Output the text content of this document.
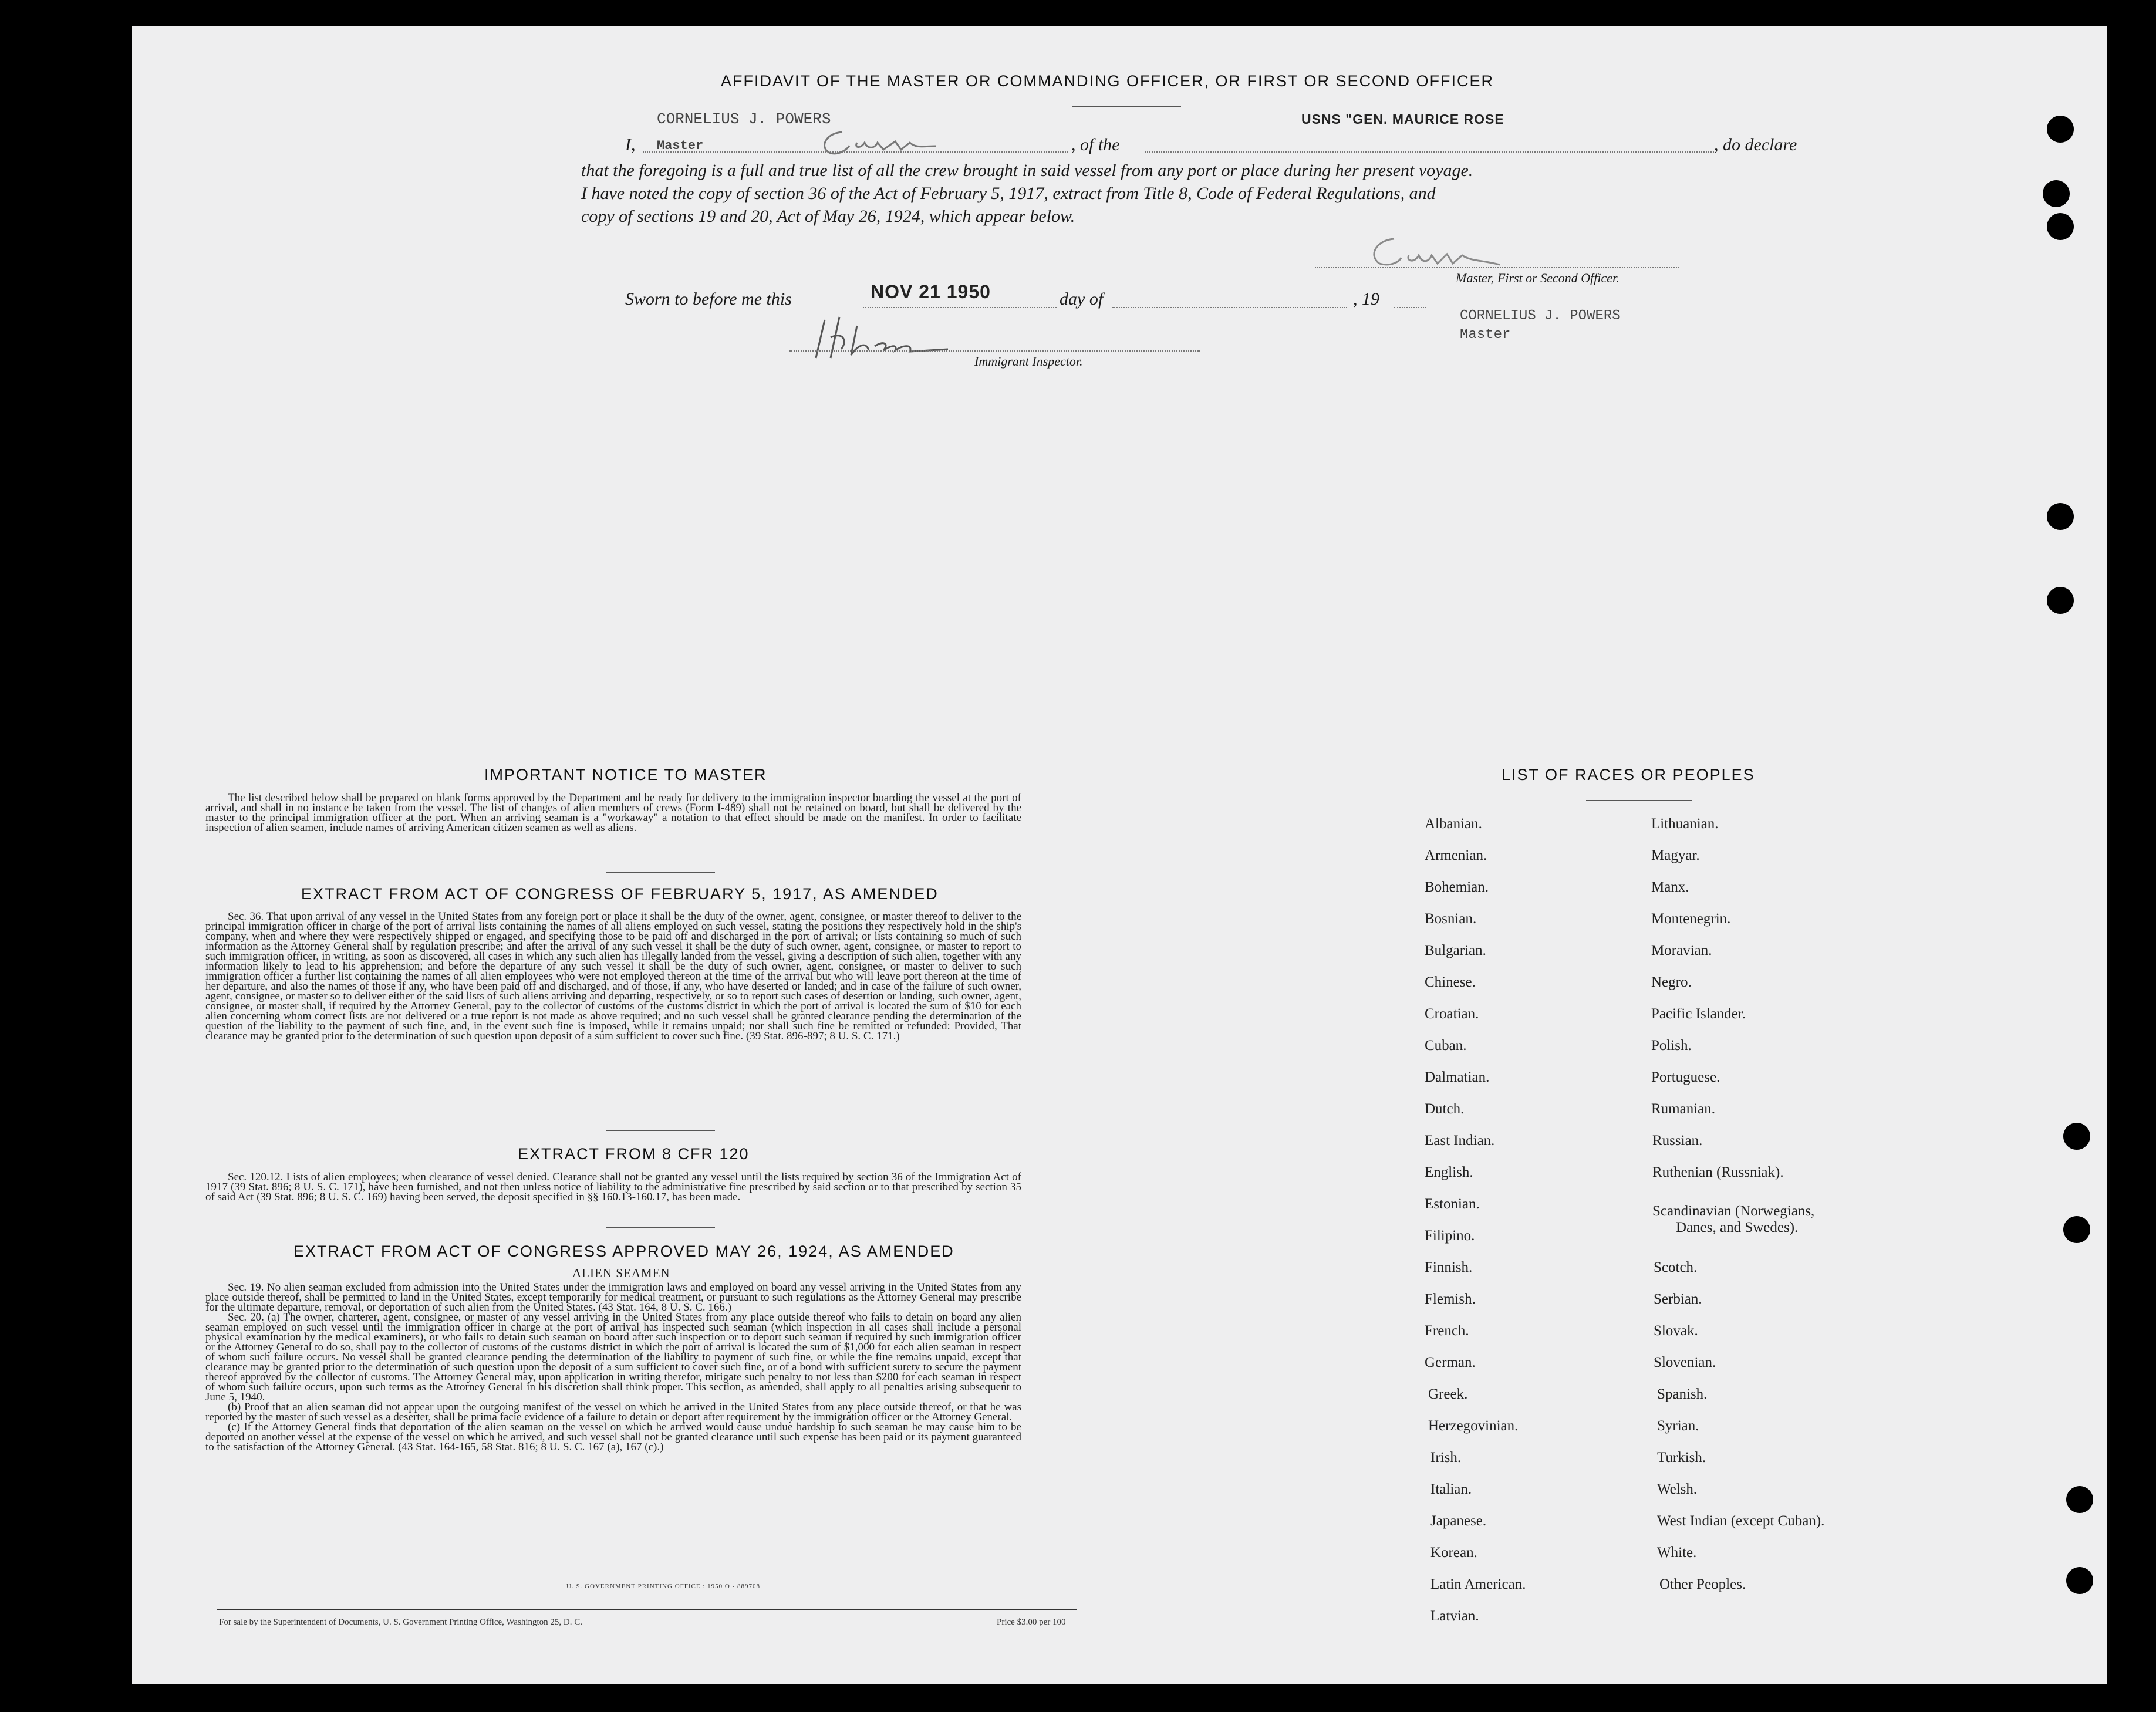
AFFIDAVIT OF THE MASTER OR COMMANDING OFFICER, OR FIRST OR SECOND OFFICER
CORNELIUS J. POWERS	USNS "GEN. MAURICE ROSE
Master
I,	, of the	, do declare
that the foregoing is a full and true list of all the crew brought in said vessel from any port or place during her present voyage.
I have noted the copy of section 36 of the Act of February 5, 1917, extract from Title 8, Code of Federal Regulations, and
copy of sections 19 and 20, Act of May 26, 1924, which appear below.
Master, First or Second Officer.
Sworn to before me this	NOV 21 1950	day of	, 19
CORNELIUS J. POWERS
Master
Immigrant Inspector.
IMPORTANT NOTICE TO MASTER
The list described below shall be prepared on blank forms approved by the Department and be ready for delivery to the immigration inspector boarding the vessel at the port of arrival, and shall in no instance be taken from the vessel. The list of changes of alien members of crews (Form I-489) shall not be retained on board, but shall be delivered by the master to the principal immigration officer at the port. When an arriving seaman is a "workaway" a notation to that effect should be made on the manifest. In order to facilitate inspection of alien seamen, include names of arriving American citizen seamen as well as aliens.
EXTRACT FROM ACT OF CONGRESS OF FEBRUARY 5, 1917, AS AMENDED
Sec. 36. That upon arrival of any vessel in the United States from any foreign port or place it shall be the duty of the owner, agent, consignee, or master thereof to deliver to the principal immigration officer in charge of the port of arrival lists containing the names of all aliens employed on such vessel, stating the positions they respectively hold in the ship's company, when and where they were respectively shipped or engaged, and specifying those to be paid off and discharged in the port of arrival; or lists containing so much of such information as the Attorney General shall by regulation prescribe; and after the arrival of any such vessel it shall be the duty of such owner, agent, consignee, or master to report to such immigration officer, in writing, as soon as discovered, all cases in which any such alien has illegally landed from the vessel, giving a description of such alien, together with any information likely to lead to his apprehension; and before the departure of any such vessel it shall be the duty of such owner, agent, consignee, or master to deliver to such immigration officer a further list containing the names of all alien employees who were not employed thereon at the time of the arrival but who will leave port thereon at the time of her departure, and also the names of those if any, who have been paid off and discharged, and of those, if any, who have deserted or landed; and in case of the failure of such owner, agent, consignee, or master so to deliver either of the said lists of such aliens arriving and departing, respectively, or so to report such cases of desertion or landing, such owner, agent, consignee, or master shall, if required by the Attorney General, pay to the collector of customs of the customs district in which the port of arrival is located the sum of $10 for each alien concerning whom correct lists are not delivered or a true report is not made as above required; and no such vessel shall be granted clearance pending the determination of the question of the liability to the payment of such fine, and, in the event such fine is imposed, while it remains unpaid; nor shall such fine be remitted or refunded: Provided, That clearance may be granted prior to the determination of such question upon deposit of a sum sufficient to cover such fine. (39 Stat. 896-897; 8 U. S. C. 171.)
EXTRACT FROM 8 CFR 120
Sec. 120.12. Lists of alien employees; when clearance of vessel denied. Clearance shall not be granted any vessel until the lists required by section 36 of the Immigration Act of 1917 (39 Stat. 896; 8 U. S. C. 171), have been furnished, and not then unless notice of liability to the administrative fine prescribed by said section or to that prescribed by section 35 of said Act (39 Stat. 896; 8 U. S. C. 169) having been served, the deposit specified in §§ 160.13-160.17, has been made.
EXTRACT FROM ACT OF CONGRESS APPROVED MAY 26, 1924, AS AMENDED
ALIEN SEAMEN

Sec. 19. No alien seaman excluded from admission into the United States under the immigration laws and employed on board any vessel arriving in the United States from any place outside thereof, shall be permitted to land in the United States, except temporarily for medical treatment, or pursuant to such regulations as the Attorney General may prescribe for the ultimate departure, removal, or deportation of such alien from the United States. (43 Stat. 164, 8 U. S. C. 166.)

Sec. 20. (a) The owner, charterer, agent, consignee, or master of any vessel arriving in the United States from any place outside thereof who fails to detain on board any alien seaman employed on such vessel until the immigration officer in charge at the port of arrival has inspected such seaman (which inspection in all cases shall include a personal physical examination by the medical examiners), or who fails to detain such seaman on board after such inspection or to deport such seaman if required by such immigration officer or the Attorney General to do so, shall pay to the collector of customs of the customs district in which the port of arrival is located the sum of $1,000 for each alien seaman in respect of whom such failure occurs. No vessel shall be granted clearance pending the determination of the liability to payment of such fine, or while the fine remains unpaid, except that clearance may be granted prior to the determination of such question upon the deposit of a sum sufficient to cover such fine, or of a bond with sufficient surety to secure the payment thereof approved by the collector of customs. The Attorney General may, upon application in writing therefor, mitigate such penalty to not less than $200 for each seaman in respect of whom such failure occurs, upon such terms as the Attorney General in his discretion shall think proper. This section, as amended, shall apply to all penalties arising subsequent to June 5, 1940.

(b) Proof that an alien seaman did not appear upon the outgoing manifest of the vessel on which he arrived in the United States from any place outside thereof, or that he was reported by the master of such vessel as a deserter, shall be prima facie evidence of a failure to detain or deport after requirement by the immigration officer or the Attorney General.

(c) If the Attorney General finds that deportation of the alien seaman on the vessel on which he arrived would cause undue hardship to such seaman he may cause him to be deported on another vessel at the expense of the vessel on which he arrived, and such vessel shall not be granted clearance until such expense has been paid or its payment guaranteed to the satisfaction of the Attorney General. (43 Stat. 164-165, 58 Stat. 816; 8 U. S. C. 167 (a), 167 (c).)

U. S. GOVERNMENT PRINTING OFFICE : 1950 O - 889708
For sale by the Superintendent of Documents, U. S. Government Printing Office, Washington 25, D. C.	Price $3.00 per 100
LIST OF RACES OR PEOPLES
Albanian.
Armenian.
Bohemian.
Bosnian.
Bulgarian.
Chinese.
Croatian.
Cuban.
Dalmatian.
Dutch.
East Indian.
English.
Estonian.
Filipino.
Finnish.
Flemish.
French.
German.
Greek.
Herzegovinian.
Irish.
Italian.
Japanese.
Korean.
Latin American.
Latvian.
Lithuanian.
Magyar.
Manx.
Montenegrin.
Moravian.
Negro.
Pacific Islander.
Polish.
Portuguese.
Rumanian.
Russian.
Ruthenian (Russniak).
Scandinavian (Norwegians,
Danes, and Swedes).
Scotch.
Serbian.
Slovak.
Slovenian.
Spanish.
Syrian.
Turkish.
Welsh.
West Indian (except Cuban).
White.
Other Peoples.
